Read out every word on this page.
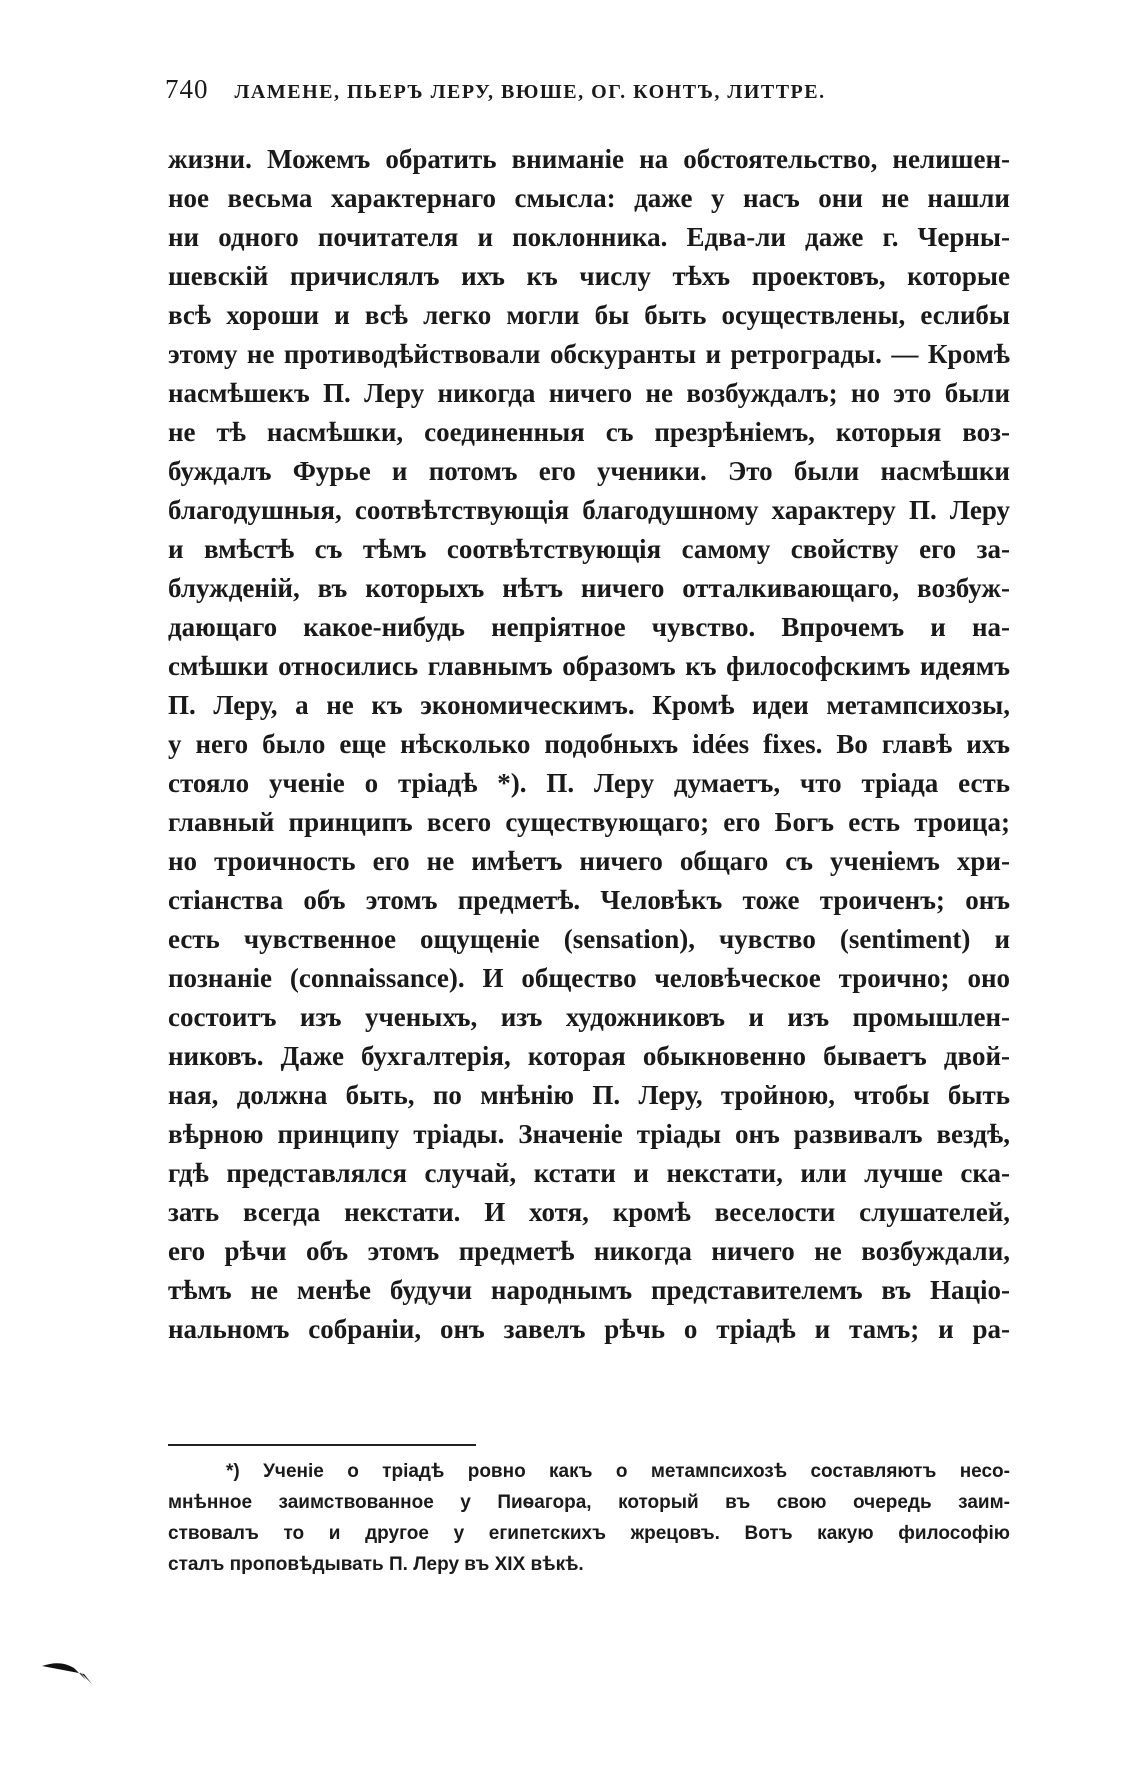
740 ЛАМЕНЕ, ПЬЕРЪ ЛЕРУ, ВЮШЕ, ОГ. КОНТЪ, ЛИТТРЕ.
жизни. Можемъ обратить вниманіе на обстоятельство, нелишен-
ное весьма характернаго смысла: даже у насъ они не нашли
ни одного почитателя и поклонника. Едва-ли даже г. Черны-
шевскій причислялъ ихъ къ числу тѣхъ проектовъ, которые
всѣ хороши и всѣ легко могли бы быть осуществлены, еслибы
этому не противодѣйствовали обскуранты и ретрограды. — Кромѣ
насмѣшекъ П. Леру никогда ничего не возбуждалъ; но это были
не тѣ насмѣшки, соединенныя съ презрѣніемъ, которыя воз-
буждалъ Фурье и потомъ его ученики. Это были насмѣшки
благодушныя, соотвѣтствующія благодушному характеру П. Леру
и вмѣстѣ съ тѣмъ соотвѣтствующія самому свойству его за-
блужденій, въ которыхъ нѣтъ ничего отталкивающаго, возбуж-
дающаго какое-нибудь непріятное чувство. Впрочемъ и на-
смѣшки относились главнымъ образомъ къ философскимъ идеямъ
П. Леру, а не къ экономическимъ. Кромѣ идеи метампсихозы,
у него было еще нѣсколько подобныхъ idées fixes. Во главѣ ихъ
стояло ученіе о тріадѣ *). П. Леру думаетъ, что тріада есть
главный принципъ всего существующаго; его Богъ есть троица;
но троичность его не имѣетъ ничего общаго съ ученіемъ хри-
стіанства объ этомъ предметѣ. Человѣкъ тоже троиченъ; онъ
есть чувственное ощущеніе (sensation), чувство (sentiment) и
познаніе (connaissance). И общество человѣческое троично; оно
состоитъ изъ ученыхъ, изъ художниковъ и изъ промышлен-
никовъ. Даже бухгалтерія, которая обыкновенно бываетъ двой-
ная, должна быть, по мнѣнію П. Леру, тройною, чтобы быть
вѣрною принципу тріады. Значеніе тріады онъ развивалъ вездѣ,
гдѣ представлялся случай, кстати и некстати, или лучше ска-
зать всегда некстати. И хотя, кромѣ веселости слушателей,
его рѣчи объ этомъ предметѣ никогда ничего не возбуждали,
тѣмъ не менѣе будучи народнымъ представителемъ въ Націо-
нальномъ собраніи, онъ завелъ рѣчь о тріадѣ и тамъ; и ра-
*) Ученіе о тріадѣ ровно какъ о метампсихозѣ составляютъ несо-
мнѣнное заимствованное у Пиѳагора, который въ свою очередь заим-
ствовалъ то и другое у египетскихъ жрецовъ. Вотъ какую философію
сталъ проповѣдывать П. Леру въ XIX вѣкѣ.
